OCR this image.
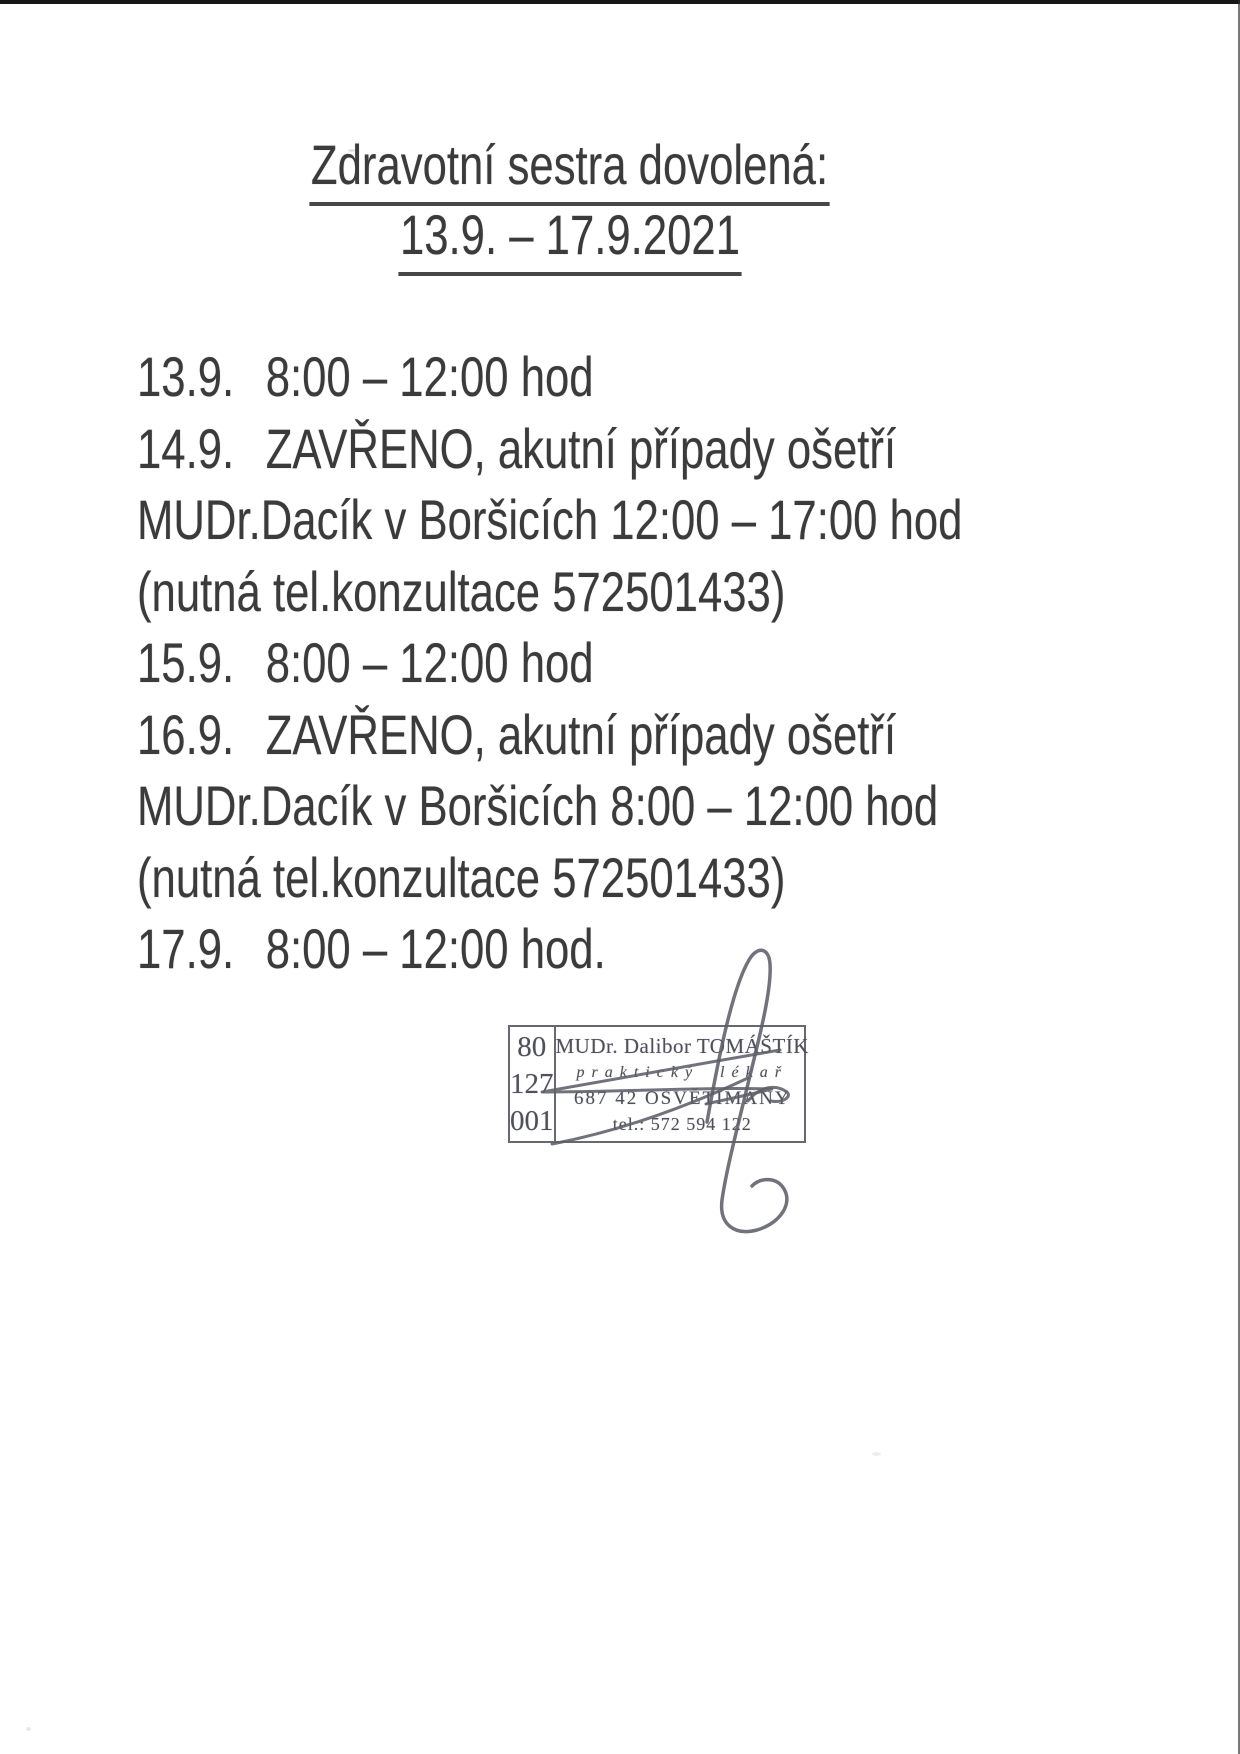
Zdravotní sestra dovolená:
13.9. – 17.9.2021
13.9. 8:00 – 12:00 hod
14.9. ZAVŘENO, akutní případy ošetří
MUDr.Dacík v Boršicích 12:00 – 17:00 hod
(nutná tel.konzultace 572501433)
15.9. 8:00 – 12:00 hod
16.9. ZAVŘENO, akutní případy ošetří
MUDr.Dacík v Boršicích 8:00 – 12:00 hod
(nutná tel.konzultace 572501433)
17.9. 8:00 – 12:00 hod.
80
127
001
MUDr. Dalibor TOMÁŠTÍK
praktický lékař
687 42 OSVĚTIMANY
tel.: 572 594 122
